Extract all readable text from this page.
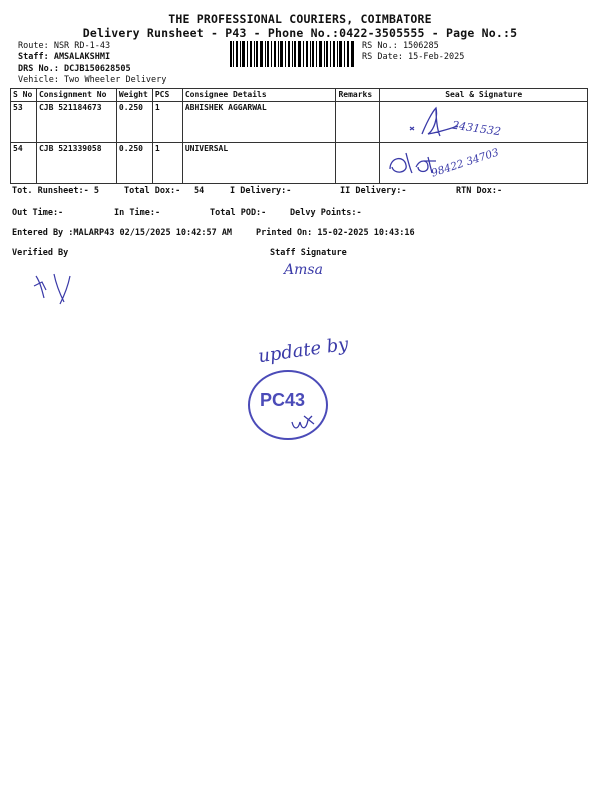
THE PROFESSIONAL COURIERS, COIMBATORE
Delivery Runsheet - P43 - Phone No.:0422-3505555 - Page No.:5
Route: NSR RD-1-43
Staff: AMSALAKSHMI
DRS No.: DCJB150628505
Vehicle: Two Wheeler Delivery
RS No.: 1506285
RS Date: 15-Feb-2025
S No	Consignment No	Weight	PCS	Consignee Details	Remarks	Seal & Signature
53	CJB 521184673	0.250	1	ABHISHEK AGGARWAL		2431532

54	CJB 521339058	0.250	1	UNIVERSAL		98422 34703
Tot. Runsheet:- 5	Total Dox:- 54	I Delivery:-	II Delivery:-	RTN Dox:-
Out Time:-	In Time:-	Total POD:-	Delvy Points:-
Entered By :MALARP43 02/15/2025 10:42:57 AM	Printed On: 15-02-2025 10:43:16
Verified By	Staff Signature
Amsa
update by
PC43
